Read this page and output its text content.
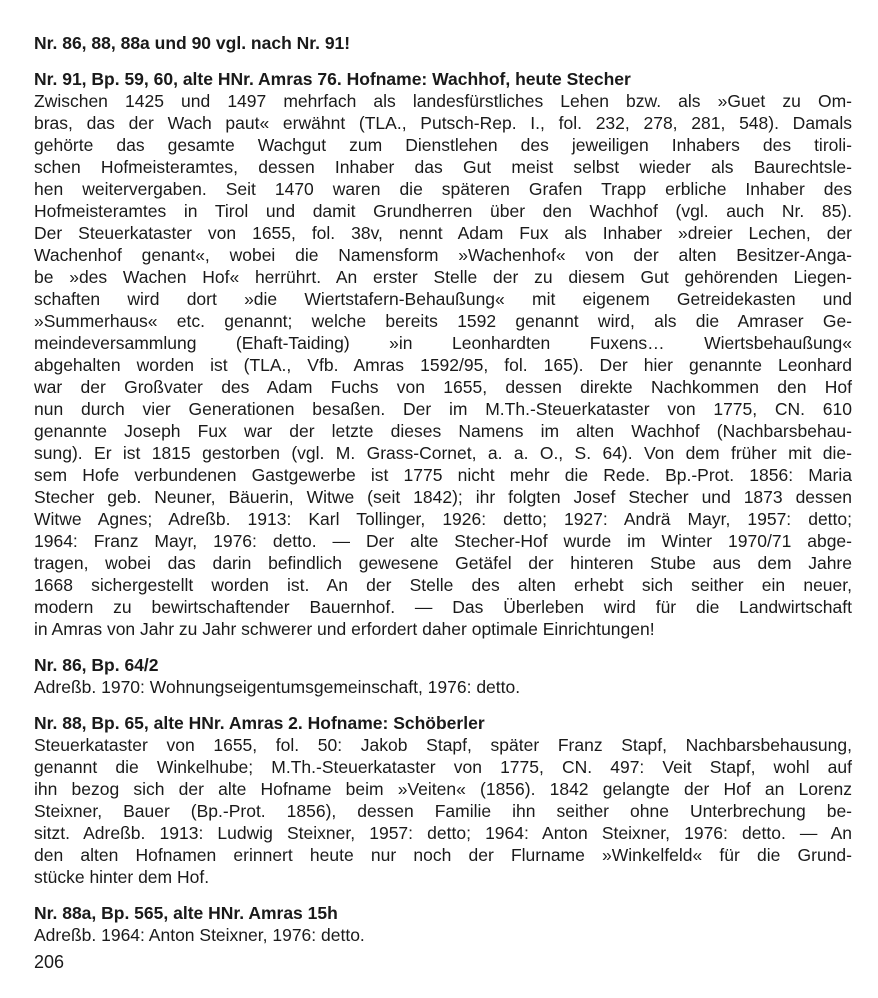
Nr. 86, 88, 88a und 90 vgl. nach Nr. 91!

Nr. 91, Bp. 59, 60, alte HNr. Amras 76. Hofname: Wachhof, heute Stecher

Zwischen 1425 und 1497 mehrfach als landesfürstliches Lehen bzw. als »Guet zu Om-
bras, das der Wach paut« erwähnt (TLA., Putsch-Rep. I., fol. 232, 278, 281, 548). Damals
gehörte das gesamte Wachgut zum Dienstlehen des jeweiligen Inhabers des tiroli-
schen Hofmeisteramtes, dessen Inhaber das Gut meist selbst wieder als Baurechtsle-
hen weitervergaben. Seit 1470 waren die späteren Grafen Trapp erbliche Inhaber des
Hofmeisteramtes in Tirol und damit Grundherren über den Wachhof (vgl. auch Nr. 85).
Der Steuerkataster von 1655, fol. 38v, nennt Adam Fux als Inhaber »dreier Lechen, der
Wachenhof genant«, wobei die Namensform »Wachenhof« von der alten Besitzer-Anga-
be »des Wachen Hof« herrührt. An erster Stelle der zu diesem Gut gehörenden Liegen-
schaften wird dort »die Wiertstafern-Behaußung« mit eigenem Getreidekasten und
»Summerhaus« etc. genannt; welche bereits 1592 genannt wird, als die Amraser Ge-
meindeversammlung (Ehaft-Taiding) »in Leonhardten Fuxens… Wiertsbehaußung«
abgehalten worden ist (TLA., Vfb. Amras 1592/95, fol. 165). Der hier genannte Leonhard
war der Großvater des Adam Fuchs von 1655, dessen direkte Nachkommen den Hof
nun durch vier Generationen besaßen. Der im M.Th.-Steuerkataster von 1775, CN. 610
genannte Joseph Fux war der letzte dieses Namens im alten Wachhof (Nachbarsbehau-
sung). Er ist 1815 gestorben (vgl. M. Grass-Cornet, a. a. O., S. 64). Von dem früher mit die-
sem Hofe verbundenen Gastgewerbe ist 1775 nicht mehr die Rede. Bp.-Prot. 1856: Maria
Stecher geb. Neuner, Bäuerin, Witwe (seit 1842); ihr folgten Josef Stecher und 1873 dessen
Witwe Agnes; Adreßb. 1913: Karl Tollinger, 1926: detto; 1927: Andrä Mayr, 1957: detto;
1964: Franz Mayr, 1976: detto. — Der alte Stecher-Hof wurde im Winter 1970/71 abge-
tragen, wobei das darin befindlich gewesene Getäfel der hinteren Stube aus dem Jahre
1668 sichergestellt worden ist. An der Stelle des alten erhebt sich seither ein neuer,
modern zu bewirtschaftender Bauernhof. — Das Überleben wird für die Landwirtschaft
in Amras von Jahr zu Jahr schwerer und erfordert daher optimale Einrichtungen!

Nr. 86, Bp. 64/2

Adreßb. 1970: Wohnungseigentumsgemeinschaft, 1976: detto.

Nr. 88, Bp. 65, alte HNr. Amras 2. Hofname: Schöberler

Steuerkataster von 1655, fol. 50: Jakob Stapf, später Franz Stapf, Nachbarsbehausung,
genannt die Winkelhube; M.Th.-Steuerkataster von 1775, CN. 497: Veit Stapf, wohl auf
ihn bezog sich der alte Hofname beim »Veiten« (1856). 1842 gelangte der Hof an Lorenz
Steixner, Bauer (Bp.-Prot. 1856), dessen Familie ihn seither ohne Unterbrechung be-
sitzt. Adreßb. 1913: Ludwig Steixner, 1957: detto; 1964: Anton Steixner, 1976: detto. — An
den alten Hofnamen erinnert heute nur noch der Flurname »Winkelfeld« für die Grund-
stücke hinter dem Hof.

Nr. 88a, Bp. 565, alte HNr. Amras 15h

Adreßb. 1964: Anton Steixner, 1976: detto.
206
